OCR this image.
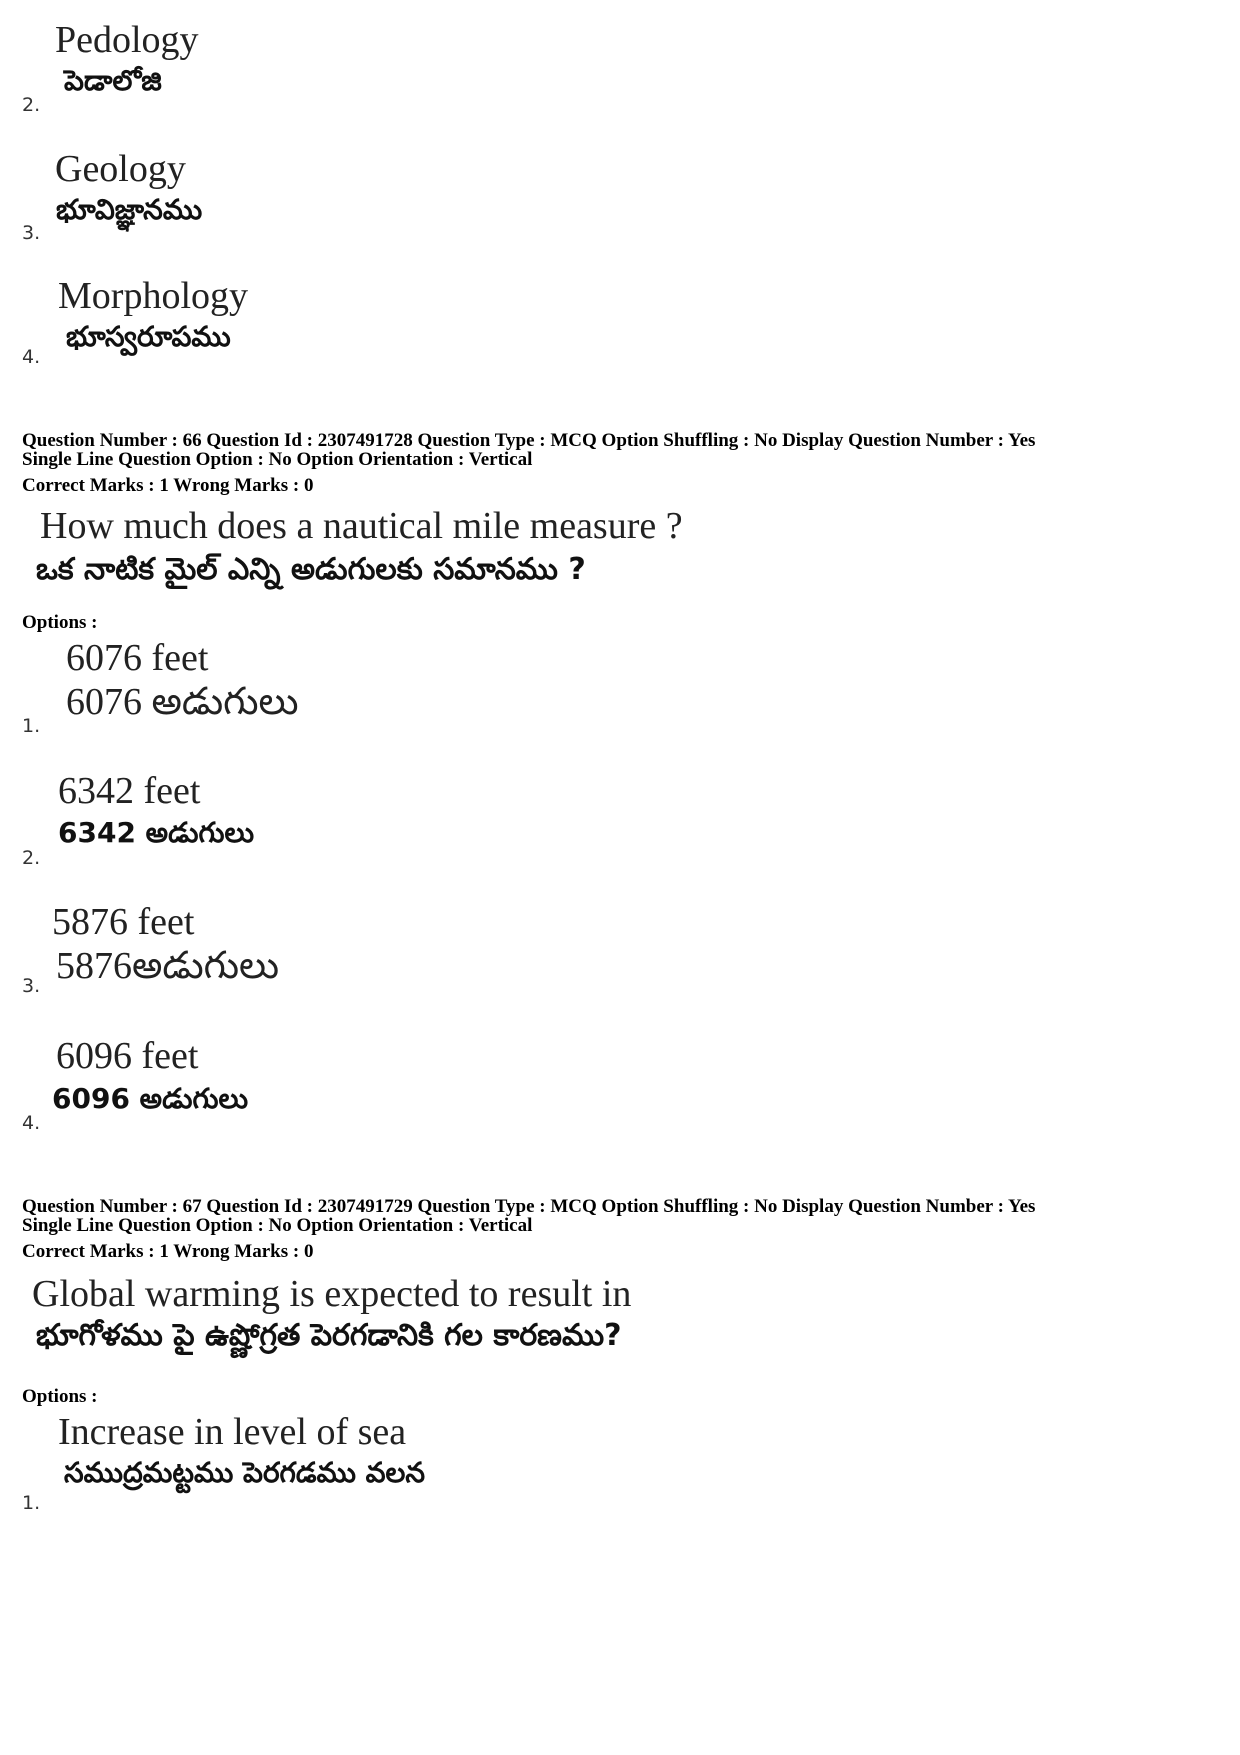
Pedology
పెడాలోజి
2.
Geology
భూవిజ్ఞానము
3.
Morphology
భూస్వరూపము
4.
Question Number : 66 Question Id : 2307491728 Question Type : MCQ Option Shuffling : No Display Question Number : Yes
Single Line Question Option : No Option Orientation : Vertical
Correct Marks : 1 Wrong Marks : 0
How much does a nautical mile measure ?
ఒక నాటిక మైల్ ఎన్ని అడుగులకు సమానము ?
Options :
6076 feet
6076 అడుగులు
1.
6342 feet
6342 అడుగులు
2.
5876 feet
5876అడుగులు
3.
6096 feet
6096 అడుగులు
4.
Question Number : 67 Question Id : 2307491729 Question Type : MCQ Option Shuffling : No Display Question Number : Yes
Single Line Question Option : No Option Orientation : Vertical
Correct Marks : 1 Wrong Marks : 0
Global warming is expected to result in
భూగోళము పై ఉష్ణోగ్రత పెరగడానికి గల కారణము?
Options :
Increase in level of sea
సముద్రమట్టము పెరగడము వలన
1.
